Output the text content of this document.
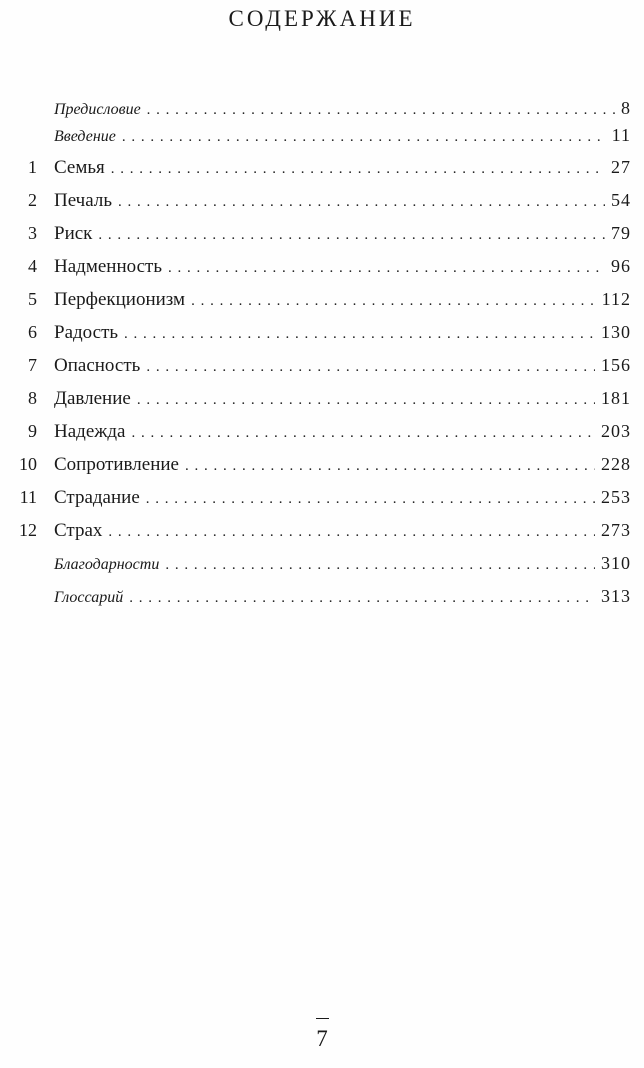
СОДЕРЖАНИЕ
Предисловие . . .	8
Введение . . .	11
1 Семья . . .	27
2 Печаль . . .	54
3 Риск . . .	79
4 Надменность . . .	96
5 Перфекционизм . . .	112
6 Радость . . .	130
7 Опасность . . .	156
8 Давление . . .	181
9 Надежда . . .	203
10 Сопротивление . . .	228
11 Страдание . . .	253
12 Страх . . .	273
Благодарности . . .	310
Глоссарий . . .	313
7
